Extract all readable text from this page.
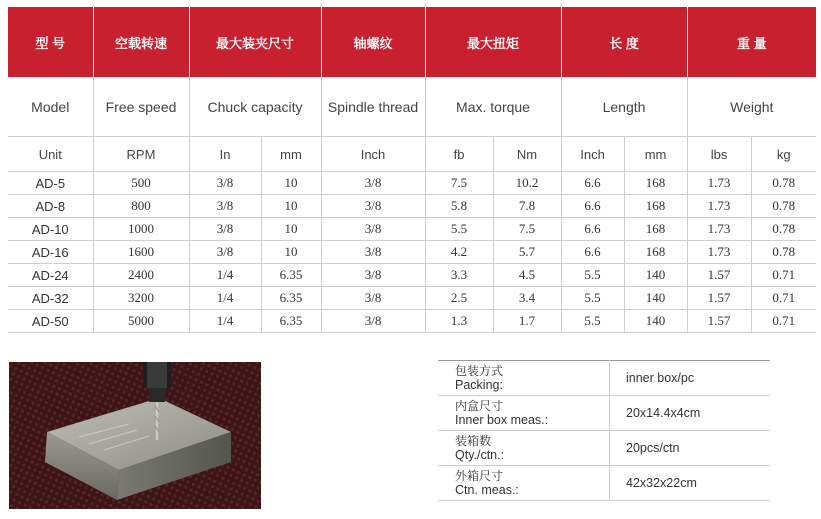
型 号	空载转速	最大装夹尺寸		轴螺纹	最大扭矩		长 度		重 量	
Model	Free speed	Chuck capacity		Spindle thread	Max. torque		Length		Weight	
Unit	RPM	In	mm	Inch	fb	Nm	Inch	mm	lbs	kg
AD-5	500	3/8	10	3/8	7.5	10.2	6.6	168	1.73	0.78
AD-8	800	3/8	10	3/8	5.8	7.8	6.6	168	1.73	0.78
AD-10	1000	3/8	10	3/8	5.5	7.5	6.6	168	1.73	0.78
AD-16	1600	3/8	10	3/8	4.2	5.7	6.6	168	1.73	0.78
AD-24	2400	1/4	6.35	3/8	3.3	4.5	5.5	140	1.57	0.71
AD-32	3200	1/4	6.35	3/8	2.5	3.4	5.5	140	1.57	0.71
AD-50	5000	1/4	6.35	3/8	1.3	1.7	5.5	140	1.57	0.71
包装方式
Packing:	inner box/pc

内盒尺寸
Inner box meas.:	20x14.4x4cm

装箱数
Qty./ctn.:	20pcs/ctn

外箱尺寸
Ctn. meas.:	42x32x22cm
